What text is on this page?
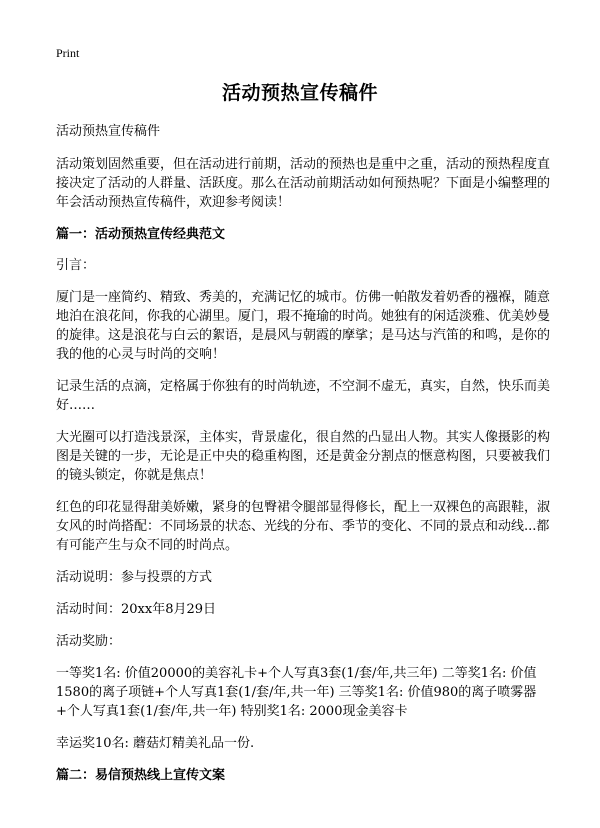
Print
活动预热宣传稿件

活动预热宣传稿件

活动策划固然重要，但在活动进行前期，活动的预热也是重中之重，活动的预热程度直接决定了活动的人群量、活跃度。那么在活动前期活动如何预热呢？下面是小编整理的年会活动预热宣传稿件，欢迎参考阅读！

篇一：活动预热宣传经典范文

引言：

厦门是一座简约、精致、秀美的，充满记忆的城市。仿佛一帕散发着奶香的襁褓，随意地泊在浪花间，你我的心湖里。厦门，瑕不掩瑜的时尚。她独有的闲适淡雅、优美妙曼的旋律。这是浪花与白云的絮语，是晨风与朝霞的摩挲；是马达与汽笛的和鸣，是你的我的他的心灵与时尚的交响！

记录生活的点滴，定格属于你独有的时尚轨迹，不空洞不虚无，真实，自然，快乐而美好……

大光圈可以打造浅景深，主体实，背景虚化，很自然的凸显出人物。其实人像摄影的构图是关键的一步，无论是正中央的稳重构图，还是黄金分割点的惬意构图，只要被我们的镜头锁定，你就是焦点！

红色的印花显得甜美娇嫩，紧身的包臀裙令腿部显得修长，配上一双裸色的高跟鞋，淑女风的时尚搭配：不同场景的状态、光线的分布、季节的变化、不同的景点和动线...都有可能产生与众不同的时尚点。

活动说明：参与投票的方式

活动时间：20xx年8月29日

活动奖励：

一等奖1名: 价值20000的美容礼卡+个人写真3套(1/套/年,共三年) 二等奖1名: 价值1580的离子项链+个人写真1套(1/套/年,共一年) 三等奖1名: 价值980的离子喷雾器+个人写真1套(1/套/年,共一年) 特别奖1名: 2000现金美容卡

幸运奖10名: 蘑菇灯精美礼品一份.

篇二：易信预热线上宣传文案
